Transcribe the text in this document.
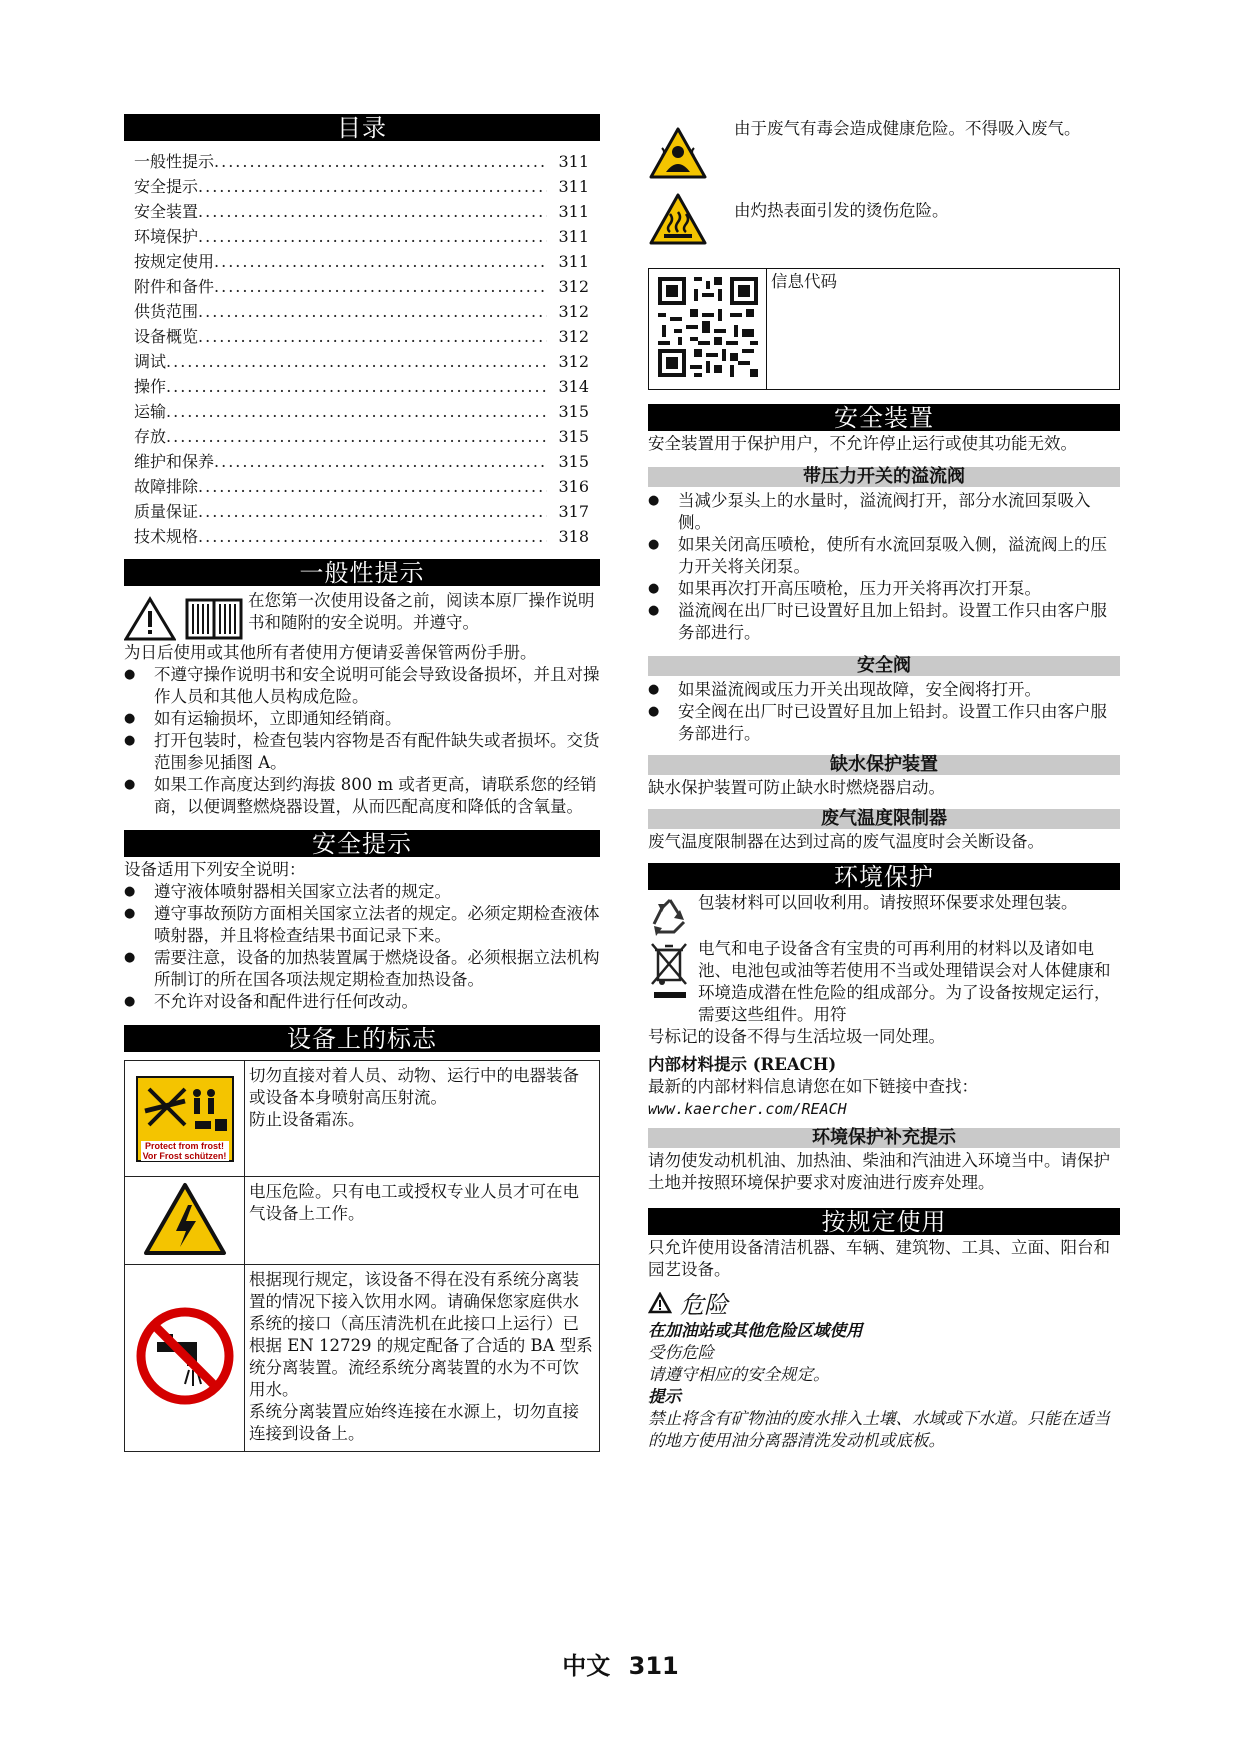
目录
一般性提示 .....	311
安全提示 .....	311
安全装置 .....	311
环境保护 .....	311
按规定使用 .....	311
附件和备件 .....	312
供货范围 .....	312
设备概览 .....	312
调试 .....	312
操作 .....	314
运输 .....	315
存放 .....	315
维护和保养 .....	315
故障排除 .....	316
质量保证 .....	317
技术规格 .....	318
一般性提示

在您第一次使用设备之前，阅读本原厂操作说明书和随附的安全说明。并遵守。

为日后使用或其他所有者使用方便请妥善保管两份手册。

● 不遵守操作说明书和安全说明可能会导致设备损坏，并且对操作人员和其他人员构成危险。
● 如有运输损坏，立即通知经销商。
● 打开包装时，检查包装内容物是否有配件缺失或者损坏。交货范围参见插图 A。
● 如果工作高度达到约海拔 800 m 或者更高，请联系您的经销商，以便调整燃烧器设置，从而匹配高度和降低的含氧量。
安全提示

设备适用下列安全说明：

● 遵守液体喷射器相关国家立法者的规定。
● 遵守事故预防方面相关国家立法者的规定。必须定期检查液体喷射器，并且将检查结果书面记录下来。
● 需要注意，设备的加热装置属于燃烧设备。必须根据立法机构所制订的所在国各项法规定期检查加热设备。
● 不允许对设备和配件进行任何改动。
设备上的标志
Protect from frost!
Vor Frost schützen!	切勿直接对着人员、动物、运行中的电器装备或设备本身喷射高压射流。
防止设备霜冻。

电压危险。只有电工或授权专业人员才可在电气设备上工作。

根据现行规定，该设备不得在没有系统分离装置的情况下接入饮用水网。请确保您家庭供水系统的接口（高压清洗机在此接口上运行）已根据 EN 12729 的规定配备了合适的 BA 型系统分离装置。流经系统分离装置的水为不可饮用水。
系统分离装置应始终连接在水源上，切勿直接连接到设备上。

由于废气有毒会造成健康危险。不得吸入废气。

由灼热表面引发的烫伤危险。

信息代码

安全装置

安全装置用于保护用户，不允许停止运行或使其功能无效。

带压力开关的溢流阀
● 当减少泵头上的水量时，溢流阀打开，部分水流回泵吸入侧。
● 如果关闭高压喷枪，使所有水流回泵吸入侧，溢流阀上的压力开关将关闭泵。
● 如果再次打开高压喷枪，压力开关将再次打开泵。
● 溢流阀在出厂时已设置好且加上铅封。设置工作只由客户服务部进行。
安全阀
● 如果溢流阀或压力开关出现故障，安全阀将打开。
● 安全阀在出厂时已设置好且加上铅封。设置工作只由客户服务部进行。
缺水保护装置

缺水保护装置可防止缺水时燃烧器启动。

废气温度限制器

废气温度限制器在达到过高的废气温度时会关断设备。

环境保护

包装材料可以回收利用。请按照环保要求处理包装。

电气和电子设备含有宝贵的可再利用的材料以及诸如电池、电池包或油等若使用不当或处理错误会对人体健康和环境造成潜在性危险的组成部分。为了设备按规定运行，需要这些组件。用符

号标记的设备不得与生活垃圾一同处理。

内部材料提示 (REACH)

最新的内部材料信息请您在如下链接中查找：

www.kaercher.com/REACH

环境保护补充提示

请勿使发动机机油、加热油、柴油和汽油进入环境当中。请保护土地并按照环境保护要求对废油进行废弃处理。

按规定使用

只允许使用设备清洁机器、车辆、建筑物、工具、立面、阳台和园艺设备。

危险

在加油站或其他危险区域使用

受伤危险

请遵守相应的安全规定。

提示

禁止将含有矿物油的废水排入土壤、水域或下水道。只能在适当的地方使用油分离器清洗发动机或底板。

中文 311
